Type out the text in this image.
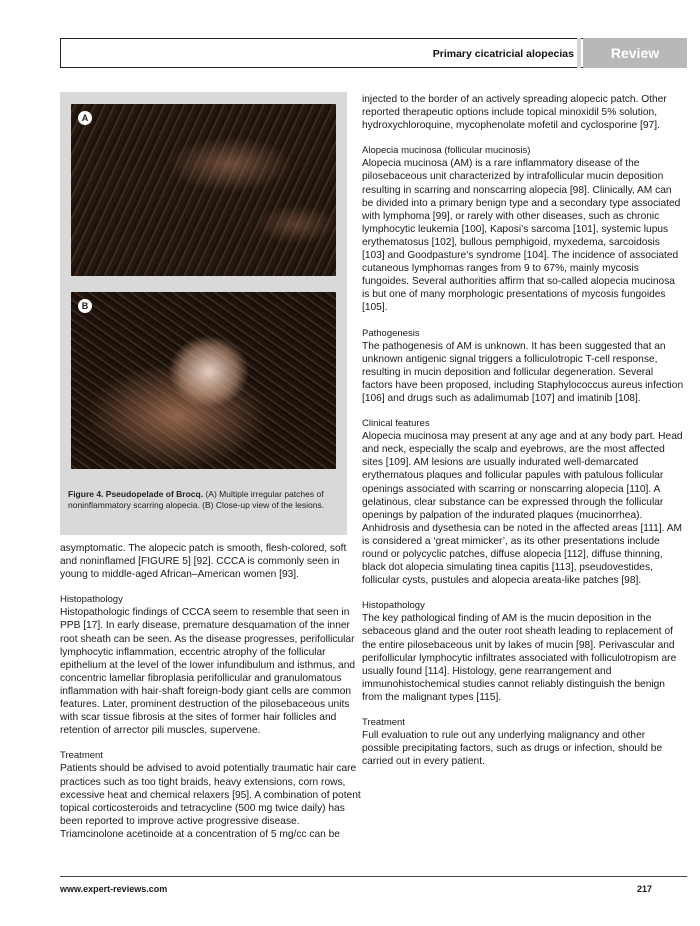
Primary cicatricial alopecias	Review
A
B
Figure 4. Pseudopelade of Brocq. (A) Multiple irregular patches of noninflammatory scarring alopecia. (B) Close-up view of the lesions.

asymptomatic. The alopecic patch is smooth, flesh-colored, soft and noninflamed [FIGURE 5] [92]. CCCA is commonly seen in young to middle-aged African–American women [93].

Histopathology

Histopathologic findings of CCCA seem to resemble that seen in PPB [17]. In early disease, premature desquamation of the inner root sheath can be seen. As the disease progresses, perifollicular lymphocytic inflammation, eccentric atrophy of the follicular epithelium at the level of the lower infundibulum and isthmus, and concentric lamellar fibroplasia perifollicular and granulomatous inflammation with hair-shaft foreign-body giant cells are common features. Later, prominent destruction of the pilosebaceous units with scar tissue fibrosis at the sites of former hair follicles and retention of arrector pili muscles, supervene.

Treatment

Patients should be advised to avoid potentially traumatic hair care practices such as too tight braids, heavy extensions, corn rows, excessive heat and chemical relaxers [95]. A combination of potent topical corticosteroids and tetracycline (500 mg twice daily) has been reported to improve active progressive disease. Triamcinolone acetinoide at a concentration of 5 mg/cc can be

injected to the border of an actively spreading alopecic patch. Other reported therapeutic options include topical minoxidil 5% solution, hydroxychloroquine, mycophenolate mofetil and cyclosporine [97].

Alopecia mucinosa (follicular mucinosis)

Alopecia mucinosa (AM) is a rare inflammatory disease of the pilosebaceous unit characterized by intrafollicular mucin deposition resulting in scarring and nonscarring alopecia [98]. Clinically, AM can be divided into a primary benign type and a secondary type associated with lymphoma [99], or rarely with other diseases, such as chronic lymphocytic leukemia [100], Kaposi’s sarcoma [101], systemic lupus erythematosus [102], bullous pemphigoid, myxedema, sarcoidosis [103] and Goodpasture’s syndrome [104]. The incidence of associated cutaneous lymphomas ranges from 9 to 67%, mainly mycosis fungoides. Several authorities affirm that so-called alopecia mucinosa is but one of many morphologic presentations of mycosis fungoides [105].

Pathogenesis

The pathogenesis of AM is unknown. It has been suggested that an unknown antigenic signal triggers a folliculotropic T-cell response, resulting in mucin deposition and follicular degeneration. Several factors have been proposed, including Staphylococcus aureus infection [106] and drugs such as adalimumab [107] and imatinib [108].

Clinical features

Alopecia mucinosa may present at any age and at any body part. Head and neck, especially the scalp and eyebrows, are the most affected sites [109]. AM lesions are usually indurated well-demarcated erythematous plaques and follicular papules with patulous follicular openings associated with scarring or nonscarring alopecia [110]. A gelatinous, clear substance can be expressed through the follicular openings by palpation of the indurated plaques (mucinorrhea). Anhidrosis and dysethesia can be noted in the affected areas [111]. AM is considered a ‘great mimicker’, as its other presentations include round or polycyclic patches, diffuse alopecia [112], diffuse thinning, black dot alopecia simulating tinea capitis [113], pseudovestides, follicular cysts, pustules and alopecia areata-like patches [98].

Histopathology

The key pathological finding of AM is the mucin deposition in the sebaceous gland and the outer root sheath leading to replacement of the entire pilosebaceous unit by lakes of mucin [98]. Perivascular and perifollicular lymphocytic infiltrates associated with folliculotropism are usually found [114]. Histology, gene rearrangement and immunohistochemical studies cannot reliably distinguish the benign from the malignant types [115].

Treatment

Full evaluation to rule out any underlying malignancy and other possible precipitating factors, such as drugs or infection, should be carried out in every patient.

www.expert-reviews.com	217
